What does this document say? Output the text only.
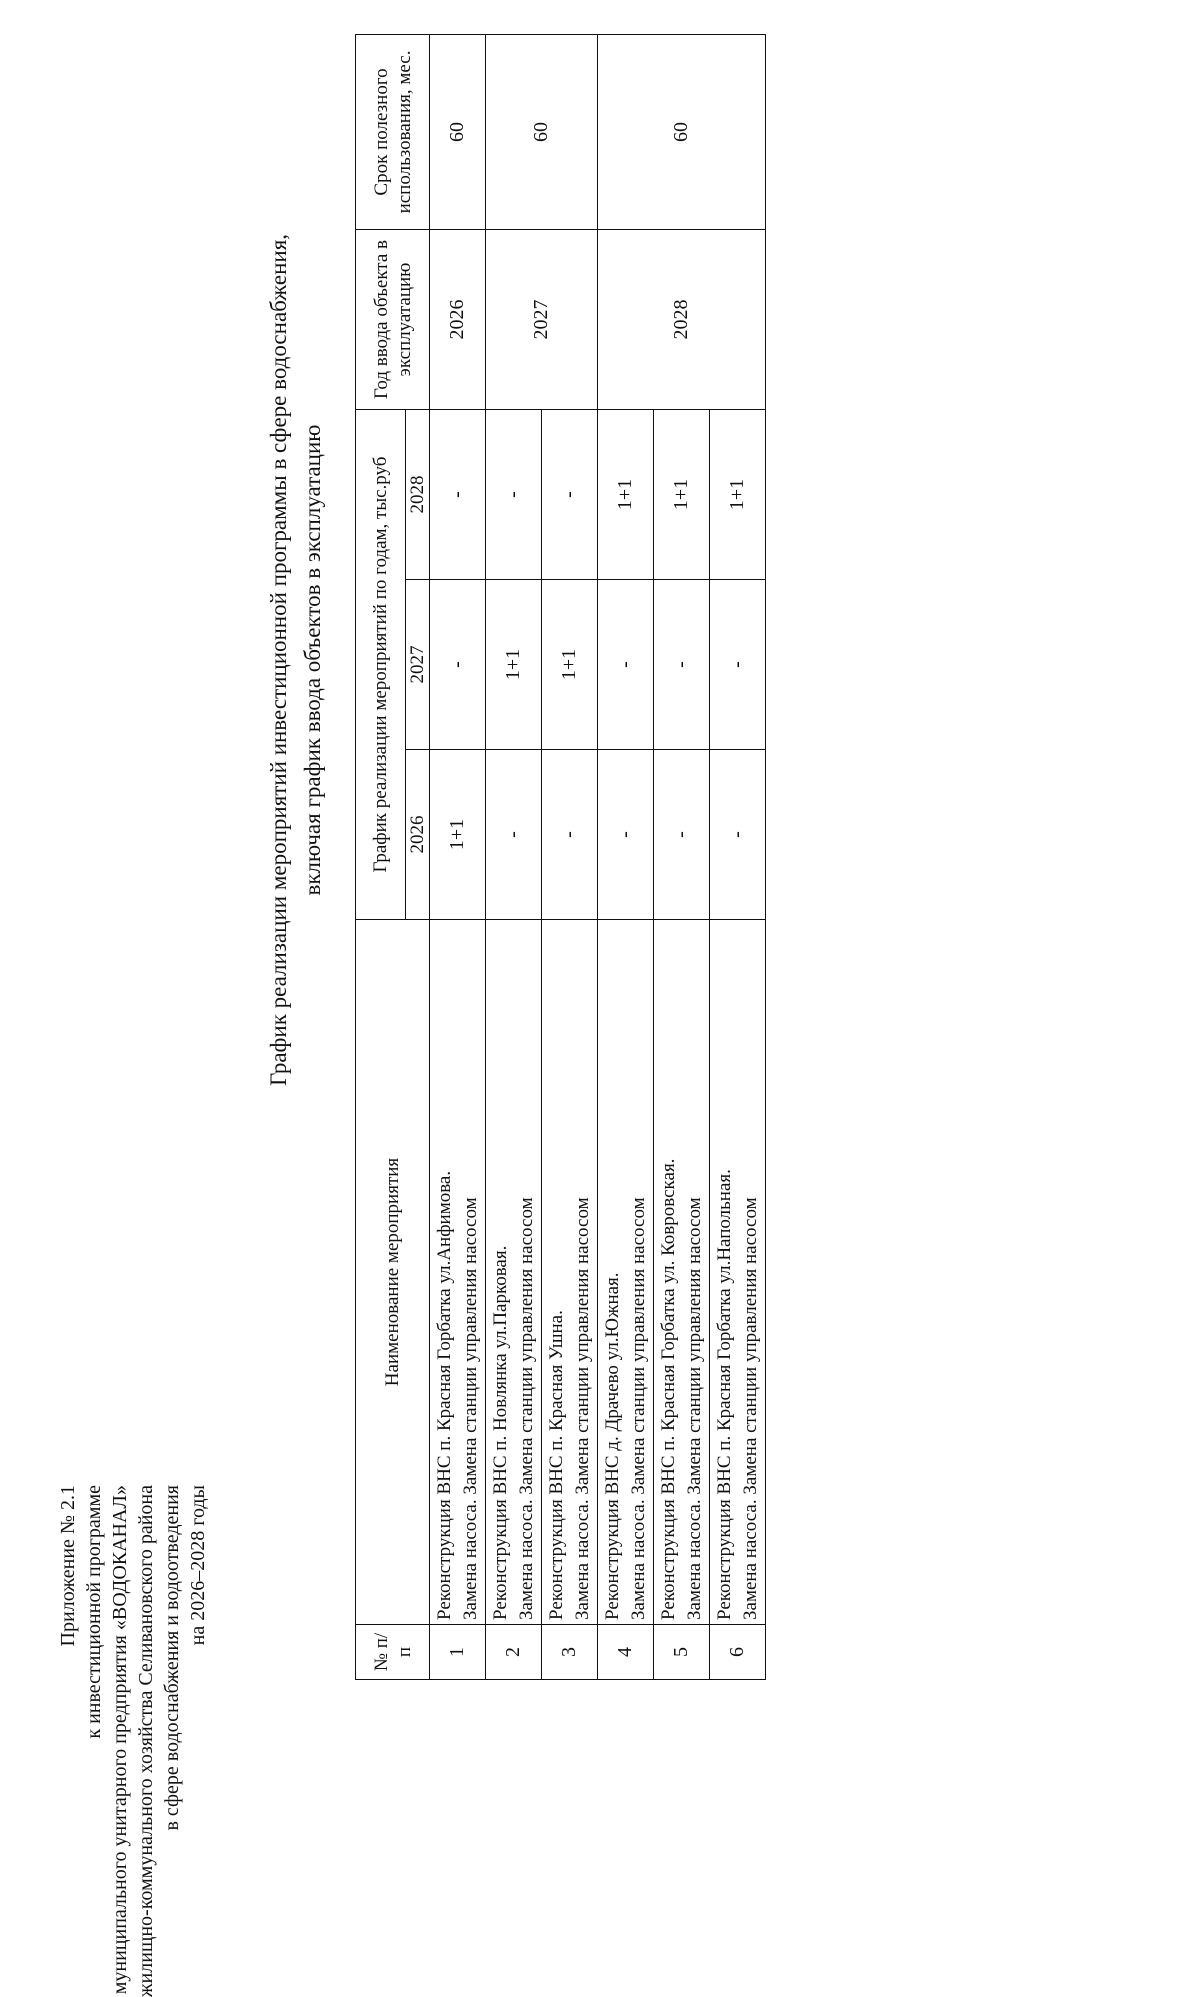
Приложение № 2.1 к инвестиционной программе муниципального унитарного предприятия «ВОДОКАНАЛ» жилищно-коммунального хозяйства Селивановского района в сфере водоснабжения и водоотведения на 2026–2028 годы
График реализации мероприятий инвестиционной программы в сфере водоснабжения, включая график ввода объектов в эксплуатацию
№ п/п	Наименование мероприятия	График реализации мероприятий по годам, тыс.руб			Год ввода объекта в эксплуатацию	Срок полезного использования, мес.
		2026	2027	2028		
1	Реконструкция ВНС п. Красная Горбатка ул.Анфимова. Замена насоса. Замена станции управления насосом	1+1	-	-	2026	60
2	Реконструкция ВНС п. Новлянка ул.Парковая. Замена насоса. Замена станции управления насосом	-	1+1	-	2027	60
3	Реконструкция ВНС п. Красная Ушна. Замена насоса. Замена станции управления насосом	-	1+1	-		
4	Реконструкция ВНС д. Драчево ул.Южная. Замена насоса. Замена станции управления насосом	-	-	1+1	2028	60
5	Реконструкция ВНС п. Красная Горбатка ул. Ковровская. Замена насоса. Замена станции управления насосом	-	-	1+1		
6	Реконструкция ВНС п. Красная Горбатка ул.Напольная. Замена насоса. Замена станции управления насосом	-	-	1+1		
